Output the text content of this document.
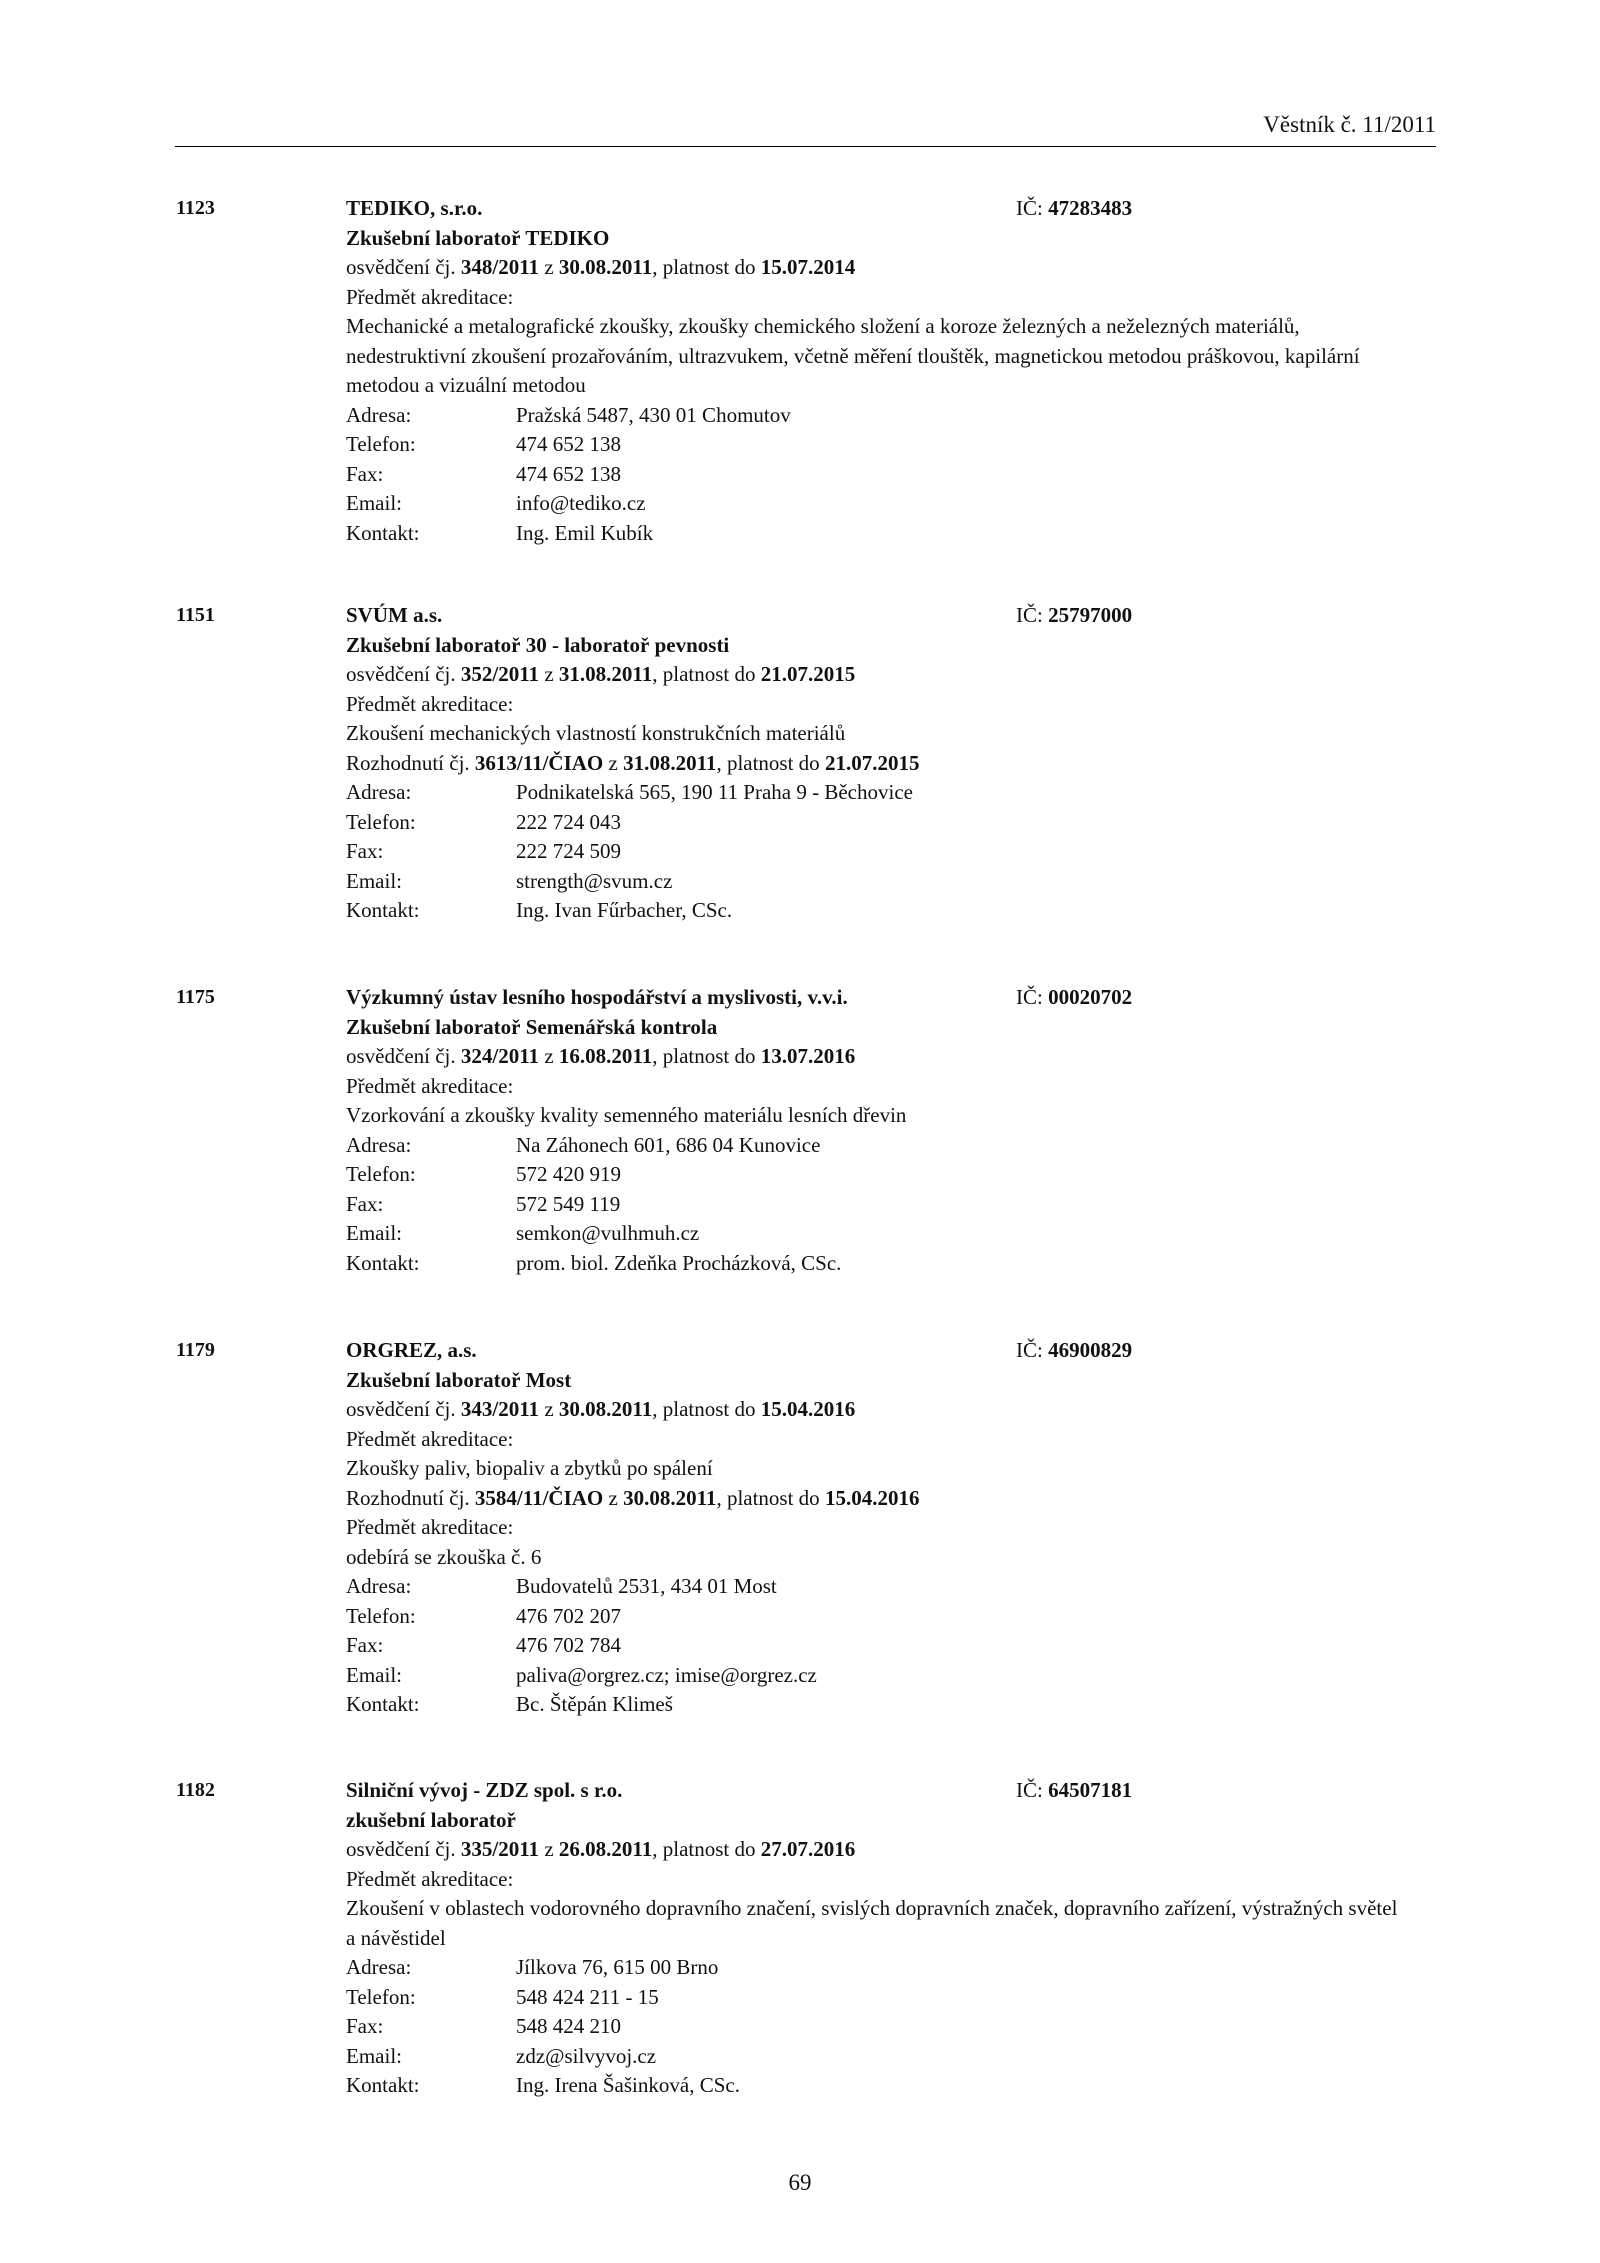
Věstník č. 11/2011
1123	IČ: 47283483
TEDIKO, s.r.o.
Zkušební laboratoř TEDIKO
osvědčení čj. 348/2011 z 30.08.2011, platnost do 15.07.2014
Předmět akreditace:
Mechanické a metalografické zkoušky, zkoušky chemického složení a koroze železných a neželezných materiálů, nedestruktivní zkoušení prozařováním, ultrazvukem, včetně měření tlouštěk, magnetickou metodou práškovou, kapilární metodou a vizuální metodou
Adresa:	Pražská 5487, 430 01 Chomutov
Telefon:	474 652 138
Fax:	474 652 138
Email:	info@tediko.cz
Kontakt:	Ing. Emil Kubík
1151	IČ: 25797000
SVÚM a.s.
Zkušební laboratoř 30 - laboratoř pevnosti
osvědčení čj. 352/2011 z 31.08.2011, platnost do 21.07.2015
Předmět akreditace:
Zkoušení mechanických vlastností konstrukčních materiálů
Rozhodnutí čj. 3613/11/ČIAO z 31.08.2011, platnost do 21.07.2015
Adresa:	Podnikatelská 565, 190 11 Praha 9 - Běchovice
Telefon:	222 724 043
Fax:	222 724 509
Email:	strength@svum.cz
Kontakt:	Ing. Ivan Fűrbacher, CSc.
1175	IČ: 00020702
Výzkumný ústav lesního hospodářství a myslivosti, v.v.i.
Zkušební laboratoř Semenářská kontrola
osvědčení čj. 324/2011 z 16.08.2011, platnost do 13.07.2016
Předmět akreditace:
Vzorkování a zkoušky kvality semenného materiálu lesních dřevin
Adresa:	Na Záhonech 601, 686 04 Kunovice
Telefon:	572 420 919
Fax:	572 549 119
Email:	semkon@vulhmuh.cz
Kontakt:	prom. biol. Zdeňka Procházková, CSc.
1179	IČ: 46900829
ORGREZ, a.s.
Zkušební laboratoř Most
osvědčení čj. 343/2011 z 30.08.2011, platnost do 15.04.2016
Předmět akreditace:
Zkoušky paliv, biopaliv a zbytků po spálení
Rozhodnutí čj. 3584/11/ČIAO z 30.08.2011, platnost do 15.04.2016
Předmět akreditace:
odebírá se zkouška č. 6
Adresa:	Budovatelů 2531, 434 01 Most
Telefon:	476 702 207
Fax:	476 702 784
Email:	paliva@orgrez.cz; imise@orgrez.cz
Kontakt:	Bc. Štěpán Klimeš
1182	IČ: 64507181
Silniční vývoj - ZDZ spol. s r.o.
zkušební laboratoř
osvědčení čj. 335/2011 z 26.08.2011, platnost do 27.07.2016
Předmět akreditace:
Zkoušení v oblastech vodorovného dopravního značení, svislých dopravních značek, dopravního zařízení, výstražných světel a návěstidel
Adresa:	Jílkova 76, 615 00 Brno
Telefon:	548 424 211 - 15
Fax:	548 424 210
Email:	zdz@silvyvoj.cz
Kontakt:	Ing. Irena Šašinková, CSc.
69
